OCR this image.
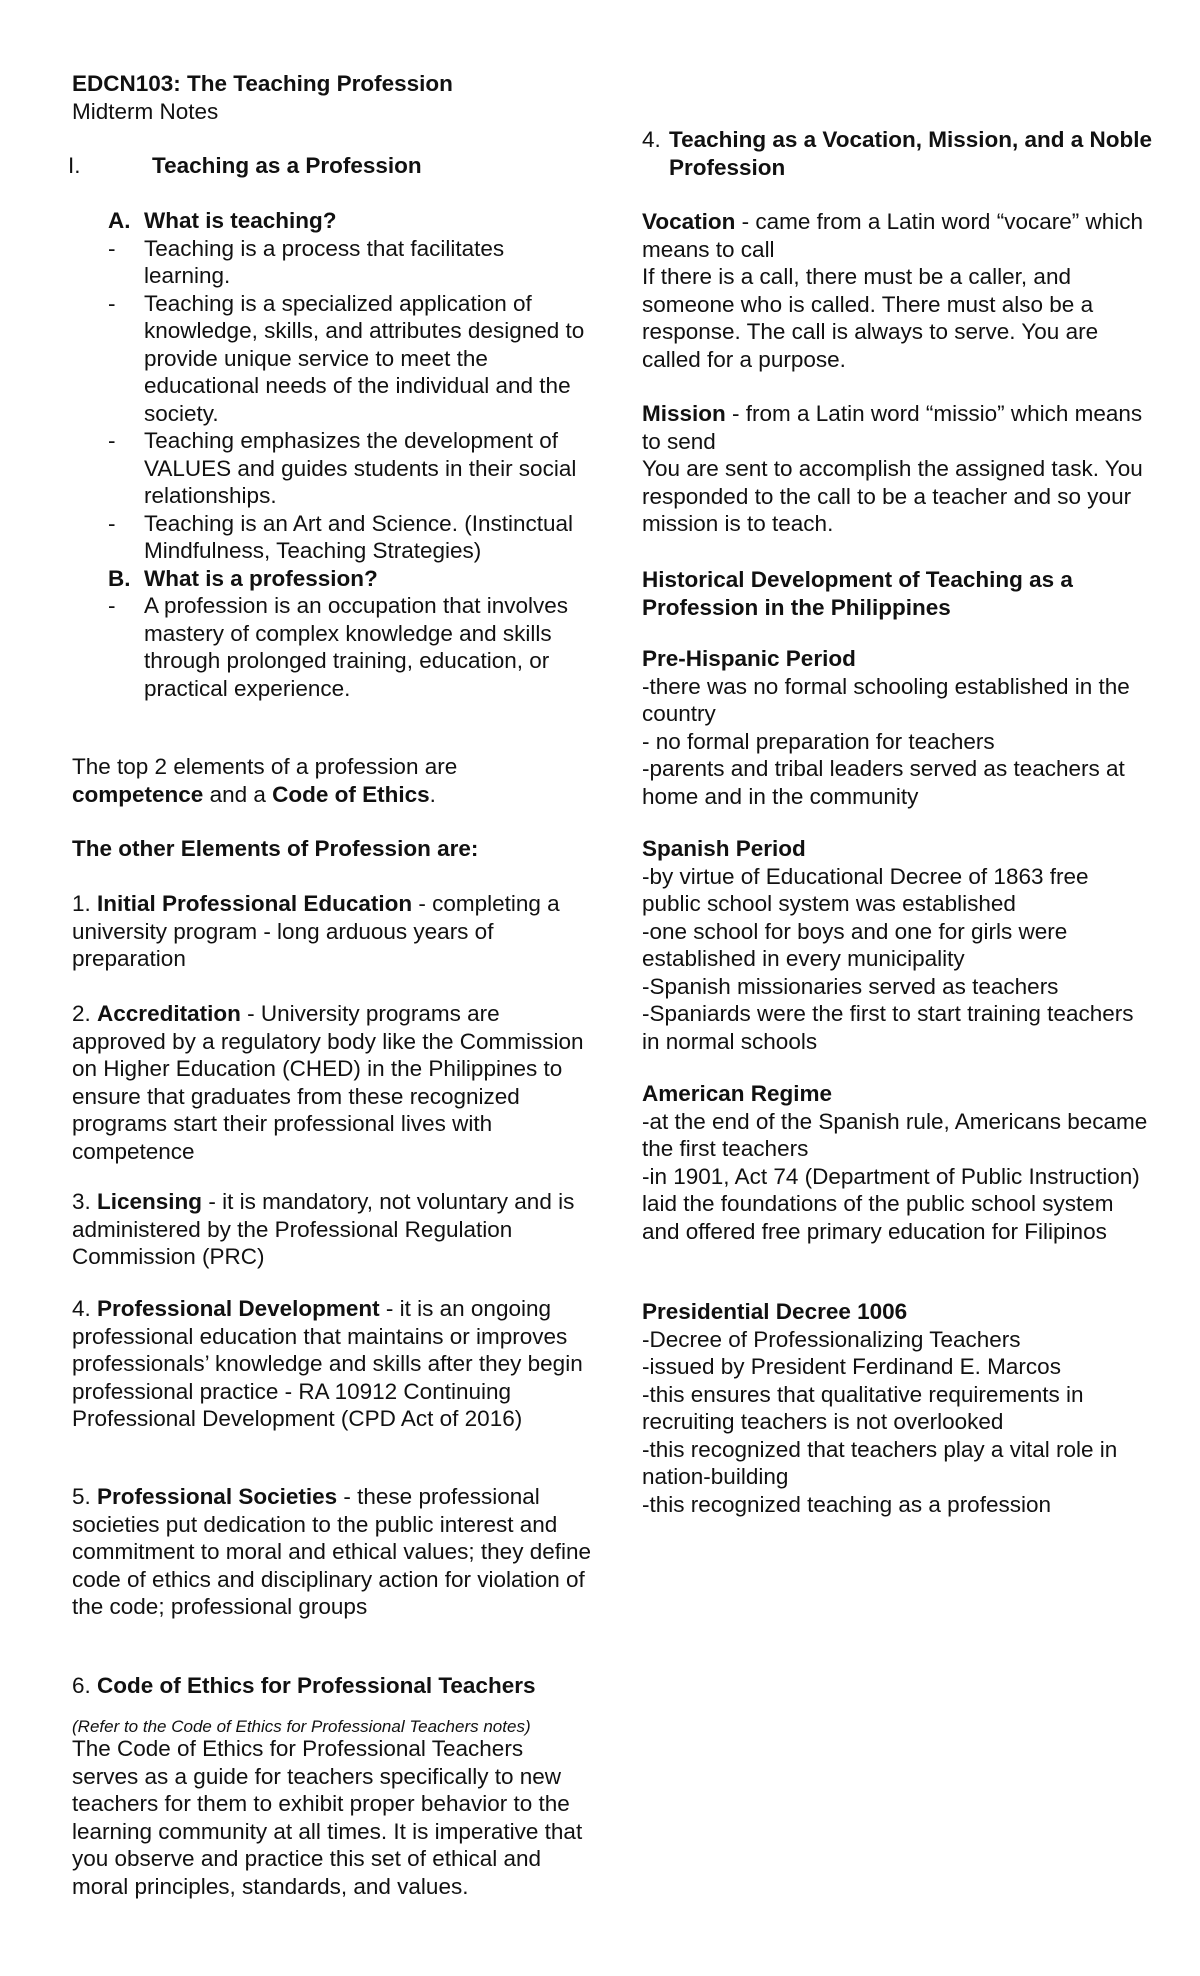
EDCN103: The Teaching Profession
Midterm Notes
I.	Teaching as a Profession
A. What is teaching?
- Teaching is a process that facilitates learning.
- Teaching is a specialized application of knowledge, skills, and attributes designed to provide unique service to meet the educational needs of the individual and the society.
- Teaching emphasizes the development of VALUES and guides students in their social relationships.
- Teaching is an Art and Science. (Instinctual Mindfulness, Teaching Strategies)
B. What is a profession?
- A profession is an occupation that involves mastery of complex knowledge and skills through prolonged training, education, or practical experience.

The top 2 elements of a profession are competence and a Code of Ethics.

The other Elements of Profession are:

1. Initial Professional Education - completing a university program - long arduous years of preparation

2. Accreditation - University programs are approved by a regulatory body like the Commission on Higher Education (CHED) in the Philippines to ensure that graduates from these recognized programs start their professional lives with competence

3. Licensing - it is mandatory, not voluntary and is administered by the Professional Regulation Commission (PRC)

4. Professional Development - it is an ongoing professional education that maintains or improves professionals’ knowledge and skills after they begin professional practice - RA 10912 Continuing Professional Development (CPD Act of 2016)

5. Professional Societies - these professional societies put dedication to the public interest and commitment to moral and ethical values; they define code of ethics and disciplinary action for violation of the code; professional groups

6. Code of Ethics for Professional Teachers

(Refer to the Code of Ethics for Professional Teachers notes)

The Code of Ethics for Professional Teachers serves as a guide for teachers specifically to new teachers for them to exhibit proper behavior to the learning community at all times. It is imperative that you observe and practice this set of ethical and moral principles, standards, and values.

4. Teaching as a Vocation, Mission, and a Noble Profession

Vocation - came from a Latin word “vocare” which means to call

If there is a call, there must be a caller, and someone who is called. There must also be a response. The call is always to serve. You are called for a purpose.

Mission - from a Latin word “missio” which means to send

You are sent to accomplish the assigned task. You responded to the call to be a teacher and so your mission is to teach.

Historical Development of Teaching as a Profession in the Philippines

Pre-Hispanic Period
-there was no formal schooling established in the country
- no formal preparation for teachers
-parents and tribal leaders served as teachers at home and in the community
Spanish Period
-by virtue of Educational Decree of 1863 free public school system was established
-one school for boys and one for girls were established in every municipality
-Spanish missionaries served as teachers
-Spaniards were the first to start training teachers in normal schools
American Regime
-at the end of the Spanish rule, Americans became the first teachers
-in 1901, Act 74 (Department of Public Instruction) laid the foundations of the public school system and offered free primary education for Filipinos
Presidential Decree 1006
-Decree of Professionalizing Teachers
-issued by President Ferdinand E. Marcos
-this ensures that qualitative requirements in recruiting teachers is not overlooked
-this recognized that teachers play a vital role in nation-building
-this recognized teaching as a profession
